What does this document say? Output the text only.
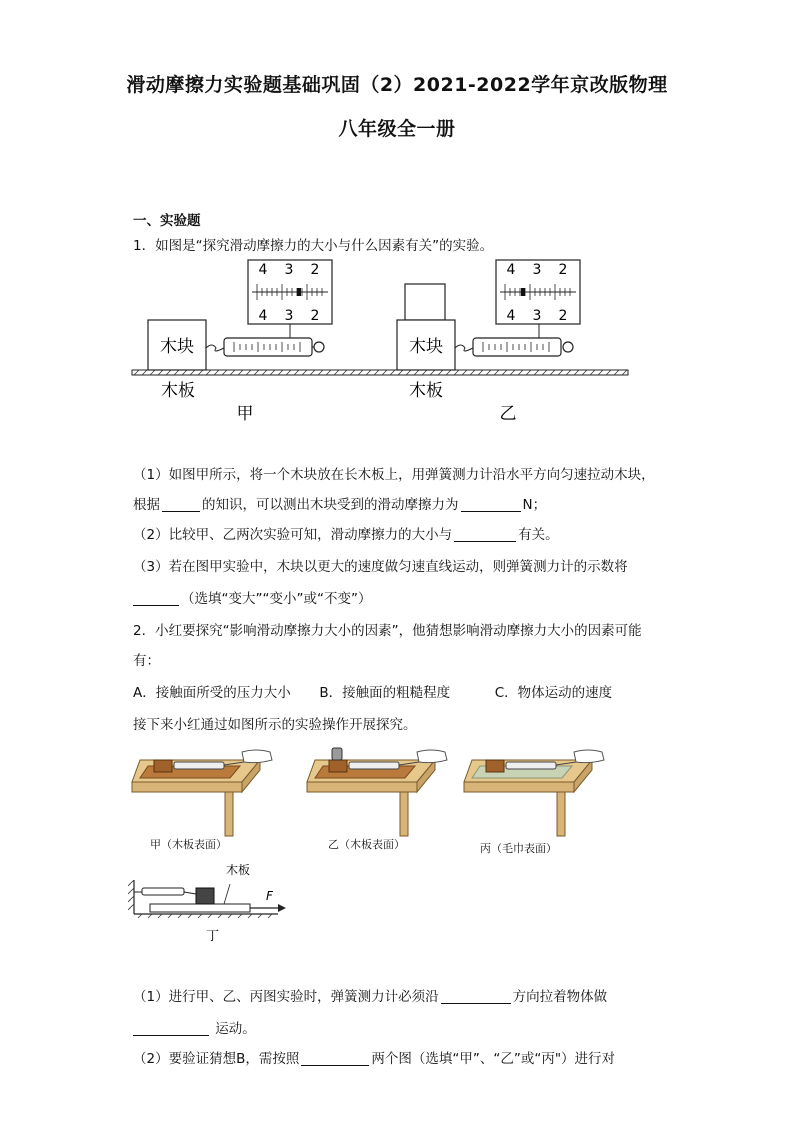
滑动摩擦力实验题基础巩固（2）2021-2022学年京改版物理
八年级全一册
一、实验题
1．如图是“探究滑动摩擦力的大小与什么因素有关”的实验。
木块
4 3 2
4 3 2
木板
甲
木块
4 3 2
4 3 2
木板
乙
（1）如图甲所示，将一个木块放在长木板上，用弹簧测力计沿水平方向匀速拉动木块，
根据	的知识，可以测出木块受到的滑动摩擦力为	N；
（2）比较甲、乙两次实验可知，滑动摩擦力的大小与	有关。
（3）若在图甲实验中，木块以更大的速度做匀速直线运动，则弹簧测力计的示数将
（选填“变大”“变小”或“不变”）
2．小红要探究“影响滑动摩擦力大小的因素”，他猜想影响滑动摩擦力大小的因素可能
有：
A．接触面所受的压力大小 B．接触面的粗糙程度	C．物体运动的速度
接下来小红通过如图所示的实验操作开展探究。
甲（木板表面）	乙（木板表面）	丙（毛巾表面）
F
木板
丁
（1）进行甲、乙、丙图实验时，弹簧测力计必须沿	方向拉着物体做
运动。
（2）要验证猜想B，需按照	两个图（选填“甲”、“乙”或“丙"）进行对
